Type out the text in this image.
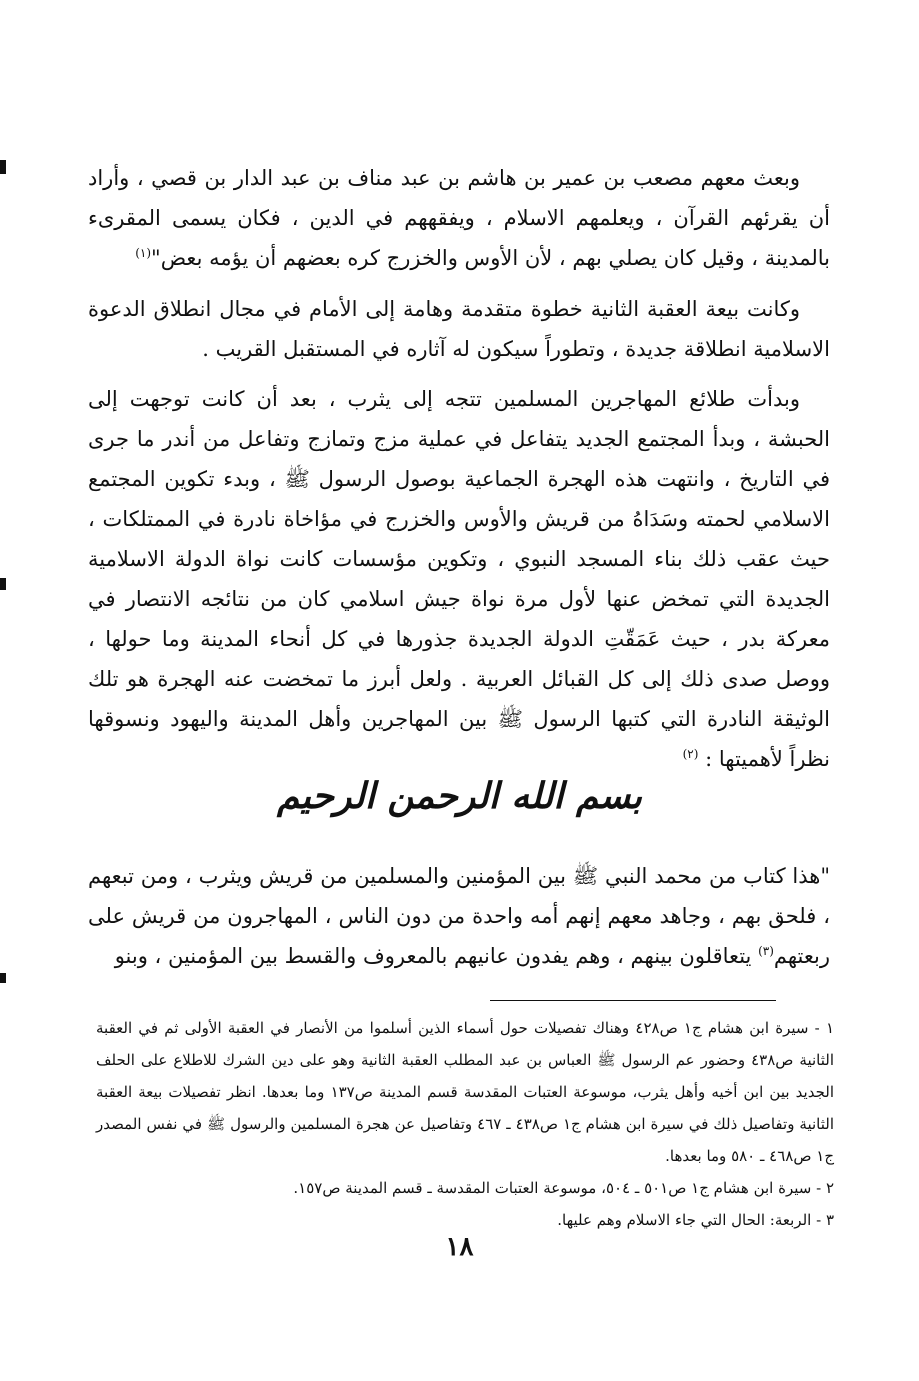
وبعث معهم مصعب بن عمير بن هاشم بن عبد مناف بن عبد الدار بن قصي ، وأراد أن يقرئهم القرآن ، ويعلمهم الاسلام ، ويفقههم في الدين ، فكان يسمى المقرىء بالمدينة ، وقيل كان يصلي بهم ، لأن الأوس والخزرج كره بعضهم أن يؤمه بعض"$^{(١)}$

وكانت بيعة العقبة الثانية خطوة متقدمة وهامة إلى الأمام في مجال انطلاق الدعوة الاسلامية انطلاقة جديدة ، وتطوراً سيكون له آثاره في المستقبل القريب .

وبدأت طلائع المهاجرين المسلمين تتجه إلى يثرب ، بعد أن كانت توجهت إلى الحبشة ، وبدأ المجتمع الجديد يتفاعل في عملية مزج وتمازج وتفاعل من أندر ما جرى في التاريخ ، وانتهت هذه الهجرة الجماعية بوصول الرسول ﷺ ، وبدء تكوين المجتمع الاسلامي لحمته وسَدَاهُ من قريش والأوس والخزرج في مؤاخاة نادرة في الممتلكات ، حيث عقب ذلك بناء المسجد النبوي ، وتكوين مؤسسات كانت نواة الدولة الاسلامية الجديدة التي تمخض عنها لأول مرة نواة جيش اسلامي كان من نتائجه الانتصار في معركة بدر ، حيث عَمَقّتِ الدولة الجديدة جذورها في كل أنحاء المدينة وما حولها ، ووصل صدى ذلك إلى كل القبائل العربية . ولعل أبرز ما تمخضت عنه الهجرة هو تلك الوثيقة النادرة التي كتبها الرسول ﷺ بين المهاجرين وأهل المدينة واليهود ونسوقها نظراً لأهميتها : $^{(٢)}$

بسم الله الرحمن الرحيم

"هذا كتاب من محمد النبي ﷺ بين المؤمنين والمسلمين من قريش ويثرب ، ومن تبعهم ، فلحق بهم ، وجاهد معهم إنهم أمه واحدة من دون الناس ، المهاجرون من قريش على ربعتهم$^{(٣)}$ يتعاقلون بينهم ، وهم يفدون عانيهم بالمعروف والقسط بين المؤمنين ، وبنو

١ - سيرة ابن هشام ج١ ص٤٢٨ وهناك تفصيلات حول أسماء الذين أسلموا من الأنصار في العقبة الأولى ثم في العقبة الثانية ص٤٣٨ وحضور عم الرسول ﷺ العباس بن عبد المطلب العقبة الثانية وهو على دين الشرك للاطلاع على الحلف الجديد بين ابن أخيه وأهل يثرب، موسوعة العتبات المقدسة قسم المدينة ص١٣٧ وما بعدها. انظر تفصيلات بيعة العقبة الثانية وتفاصيل ذلك في سيرة ابن هشام ج١ ص٤٣٨ ـ ٤٦٧ وتفاصيل عن هجرة المسلمين والرسول ﷺ في نفس المصدر ج١ ص٤٦٨ ـ ٥٨٠ وما بعدها.

٢ - سيرة ابن هشام ج١ ص٥٠١ ـ ٥٠٤، موسوعة العتبات المقدسة ـ قسم المدينة ص١٥٧.

٣ - الربعة: الحال التي جاء الاسلام وهم عليها.

١٨
